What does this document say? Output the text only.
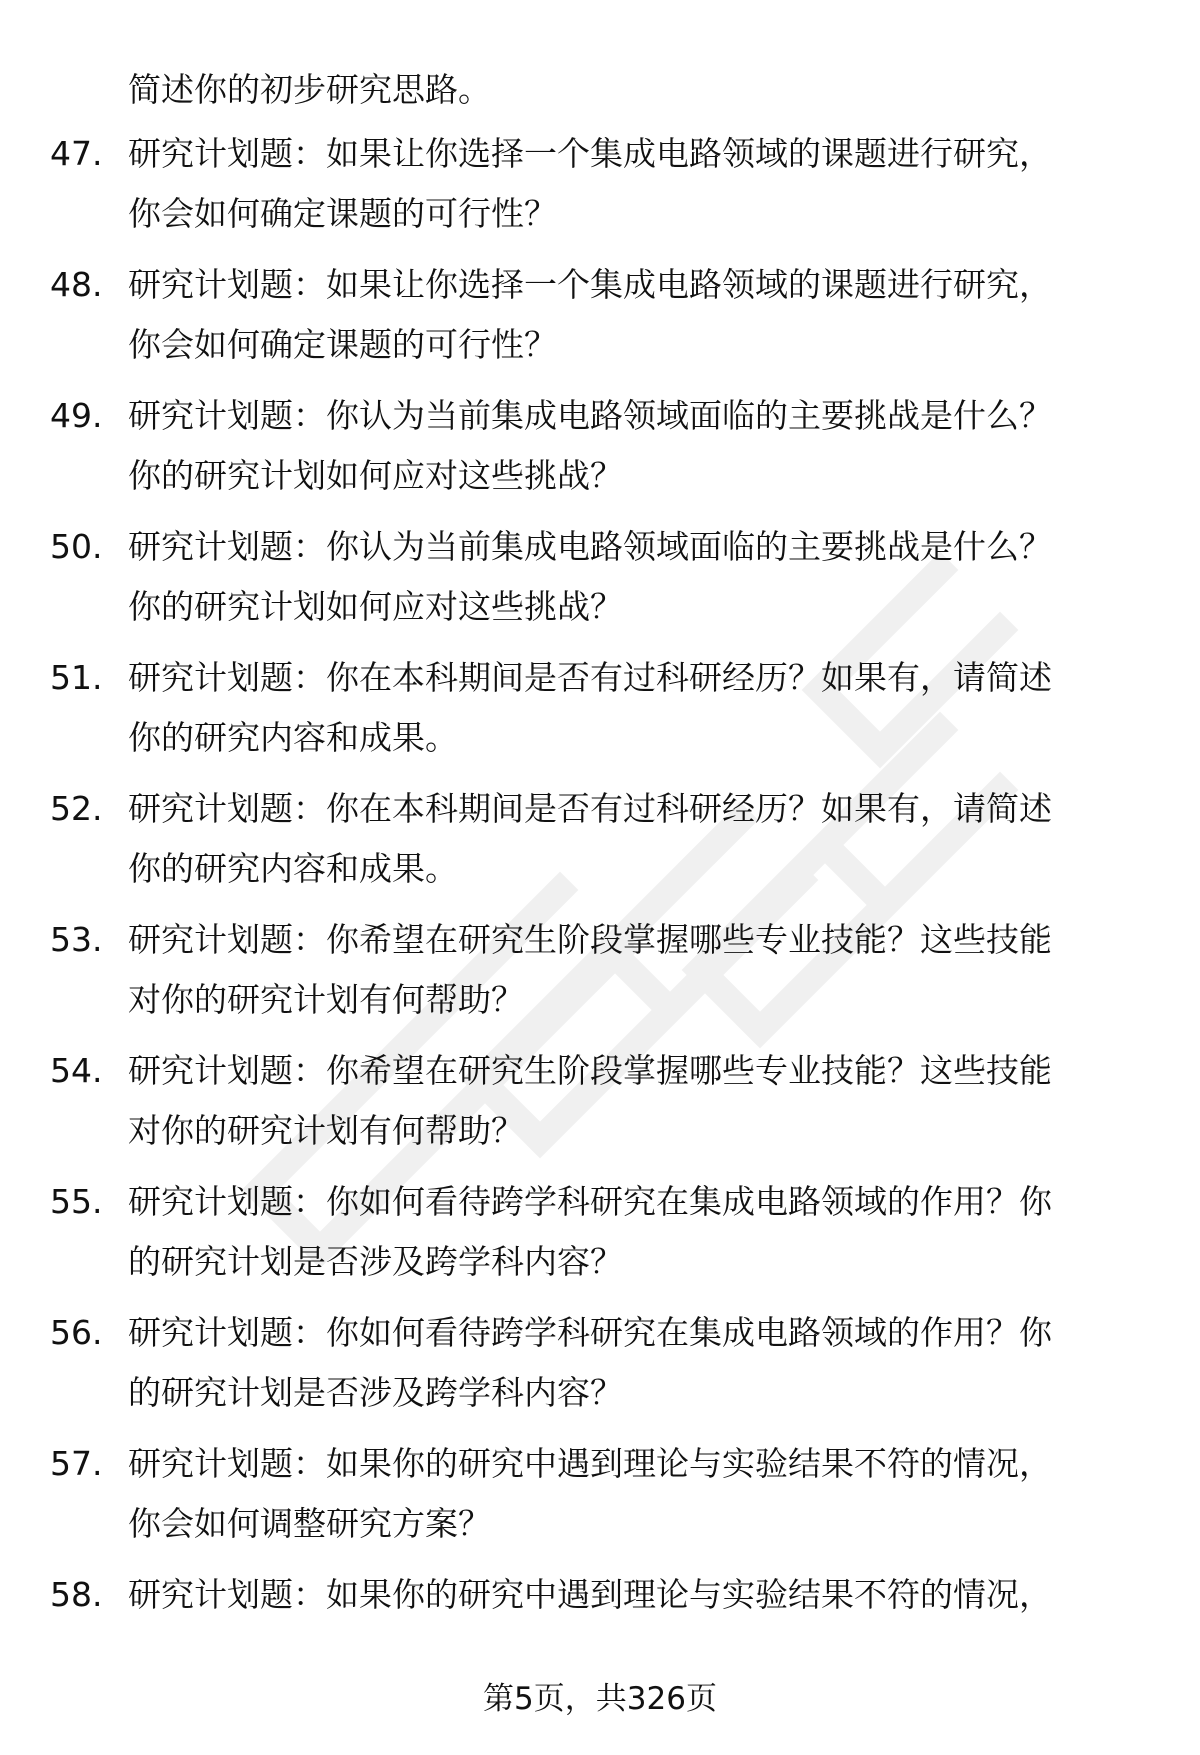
简述你的初步研究思路。
47. 研究计划题：如果让你选择一个集成电路领域的课题进行研究，
你会如何确定课题的可行性？
48. 研究计划题：如果让你选择一个集成电路领域的课题进行研究，
你会如何确定课题的可行性？
49. 研究计划题：你认为当前集成电路领域面临的主要挑战是什么？
你的研究计划如何应对这些挑战？
50. 研究计划题：你认为当前集成电路领域面临的主要挑战是什么？
你的研究计划如何应对这些挑战？
51. 研究计划题：你在本科期间是否有过科研经历？如果有，请简述
你的研究内容和成果。
52. 研究计划题：你在本科期间是否有过科研经历？如果有，请简述
你的研究内容和成果。
53. 研究计划题：你希望在研究生阶段掌握哪些专业技能？这些技能
对你的研究计划有何帮助？
54. 研究计划题：你希望在研究生阶段掌握哪些专业技能？这些技能
对你的研究计划有何帮助？
55. 研究计划题：你如何看待跨学科研究在集成电路领域的作用？你
的研究计划是否涉及跨学科内容？
56. 研究计划题：你如何看待跨学科研究在集成电路领域的作用？你
的研究计划是否涉及跨学科内容？
57. 研究计划题：如果你的研究中遇到理论与实验结果不符的情况，
你会如何调整研究方案？
58. 研究计划题：如果你的研究中遇到理论与实验结果不符的情况，
第5页，共326页
